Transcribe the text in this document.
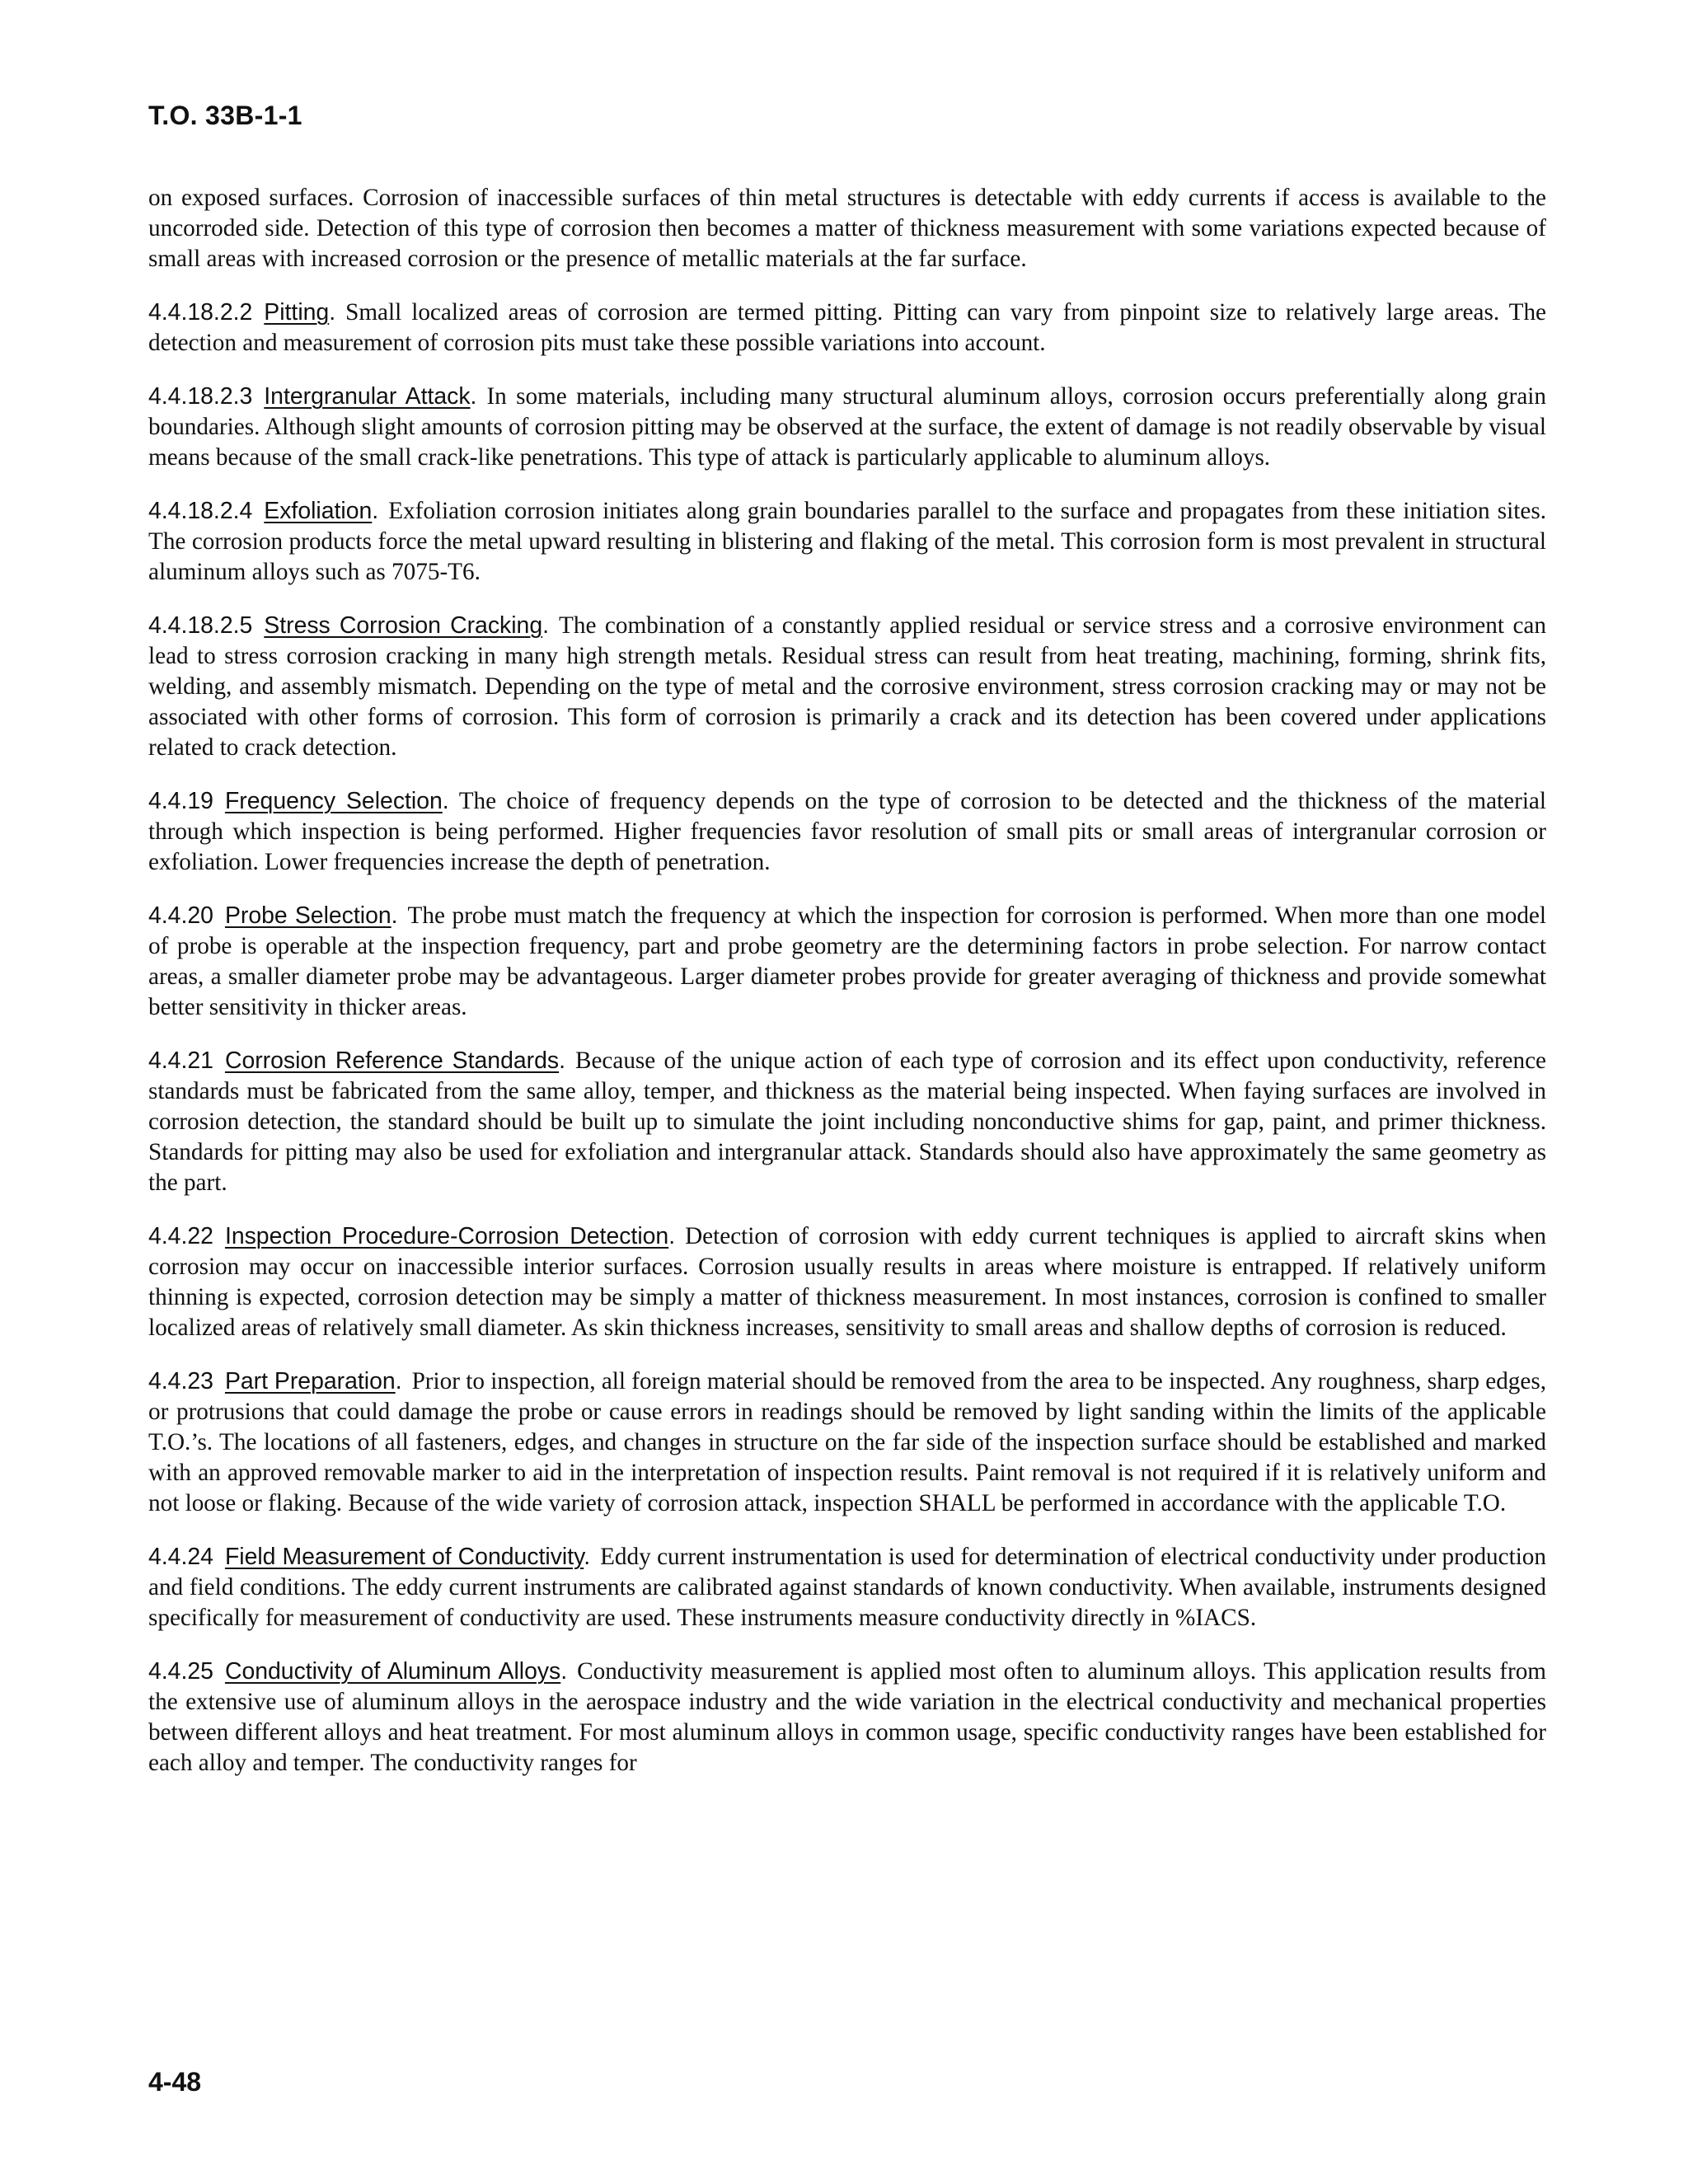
T.O. 33B-1-1

on exposed surfaces. Corrosion of inaccessible surfaces of thin metal structures is detectable with eddy currents if access is available to the uncorroded side. Detection of this type of corrosion then becomes a matter of thickness measurement with some variations expected because of small areas with increased corrosion or the presence of metallic materials at the far surface.

4.4.18.2.2 Pitting. Small localized areas of corrosion are termed pitting. Pitting can vary from pinpoint size to relatively large areas. The detection and measurement of corrosion pits must take these possible variations into account.

4.4.18.2.3 Intergranular Attack. In some materials, including many structural aluminum alloys, corrosion occurs preferentially along grain boundaries. Although slight amounts of corrosion pitting may be observed at the surface, the extent of damage is not readily observable by visual means because of the small crack-like penetrations. This type of attack is particularly applicable to aluminum alloys.

4.4.18.2.4 Exfoliation. Exfoliation corrosion initiates along grain boundaries parallel to the surface and propagates from these initiation sites. The corrosion products force the metal upward resulting in blistering and flaking of the metal. This corrosion form is most prevalent in structural aluminum alloys such as 7075-T6.

4.4.18.2.5 Stress Corrosion Cracking. The combination of a constantly applied residual or service stress and a corrosive environment can lead to stress corrosion cracking in many high strength metals. Residual stress can result from heat treating, machining, forming, shrink fits, welding, and assembly mismatch. Depending on the type of metal and the corrosive environment, stress corrosion cracking may or may not be associated with other forms of corrosion. This form of corrosion is primarily a crack and its detection has been covered under applications related to crack detection.

4.4.19 Frequency Selection. The choice of frequency depends on the type of corrosion to be detected and the thickness of the material through which inspection is being performed. Higher frequencies favor resolution of small pits or small areas of intergranular corrosion or exfoliation. Lower frequencies increase the depth of penetration.

4.4.20 Probe Selection. The probe must match the frequency at which the inspection for corrosion is performed. When more than one model of probe is operable at the inspection frequency, part and probe geometry are the determining factors in probe selection. For narrow contact areas, a smaller diameter probe may be advantageous. Larger diameter probes provide for greater averaging of thickness and provide somewhat better sensitivity in thicker areas.

4.4.21 Corrosion Reference Standards. Because of the unique action of each type of corrosion and its effect upon conductivity, reference standards must be fabricated from the same alloy, temper, and thickness as the material being inspected. When faying surfaces are involved in corrosion detection, the standard should be built up to simulate the joint including nonconductive shims for gap, paint, and primer thickness. Standards for pitting may also be used for exfoliation and intergranular attack. Standards should also have approximately the same geometry as the part.

4.4.22 Inspection Procedure-Corrosion Detection. Detection of corrosion with eddy current techniques is applied to aircraft skins when corrosion may occur on inaccessible interior surfaces. Corrosion usually results in areas where moisture is entrapped. If relatively uniform thinning is expected, corrosion detection may be simply a matter of thickness measurement. In most instances, corrosion is confined to smaller localized areas of relatively small diameter. As skin thickness increases, sensitivity to small areas and shallow depths of corrosion is reduced.

4.4.23 Part Preparation. Prior to inspection, all foreign material should be removed from the area to be inspected. Any roughness, sharp edges, or protrusions that could damage the probe or cause errors in readings should be removed by light sanding within the limits of the applicable T.O.’s. The locations of all fasteners, edges, and changes in structure on the far side of the inspection surface should be established and marked with an approved removable marker to aid in the interpretation of inspection results. Paint removal is not required if it is relatively uniform and not loose or flaking. Because of the wide variety of corrosion attack, inspection SHALL be performed in accordance with the applicable T.O.

4.4.24 Field Measurement of Conductivity. Eddy current instrumentation is used for determination of electrical conductivity under production and field conditions. The eddy current instruments are calibrated against standards of known conductivity. When available, instruments designed specifically for measurement of conductivity are used. These instruments measure conductivity directly in %IACS.

4.4.25 Conductivity of Aluminum Alloys. Conductivity measurement is applied most often to aluminum alloys. This application results from the extensive use of aluminum alloys in the aerospace industry and the wide variation in the electrical conductivity and mechanical properties between different alloys and heat treatment. For most aluminum alloys in common usage, specific conductivity ranges have been established for each alloy and temper. The conductivity ranges for

4-48
